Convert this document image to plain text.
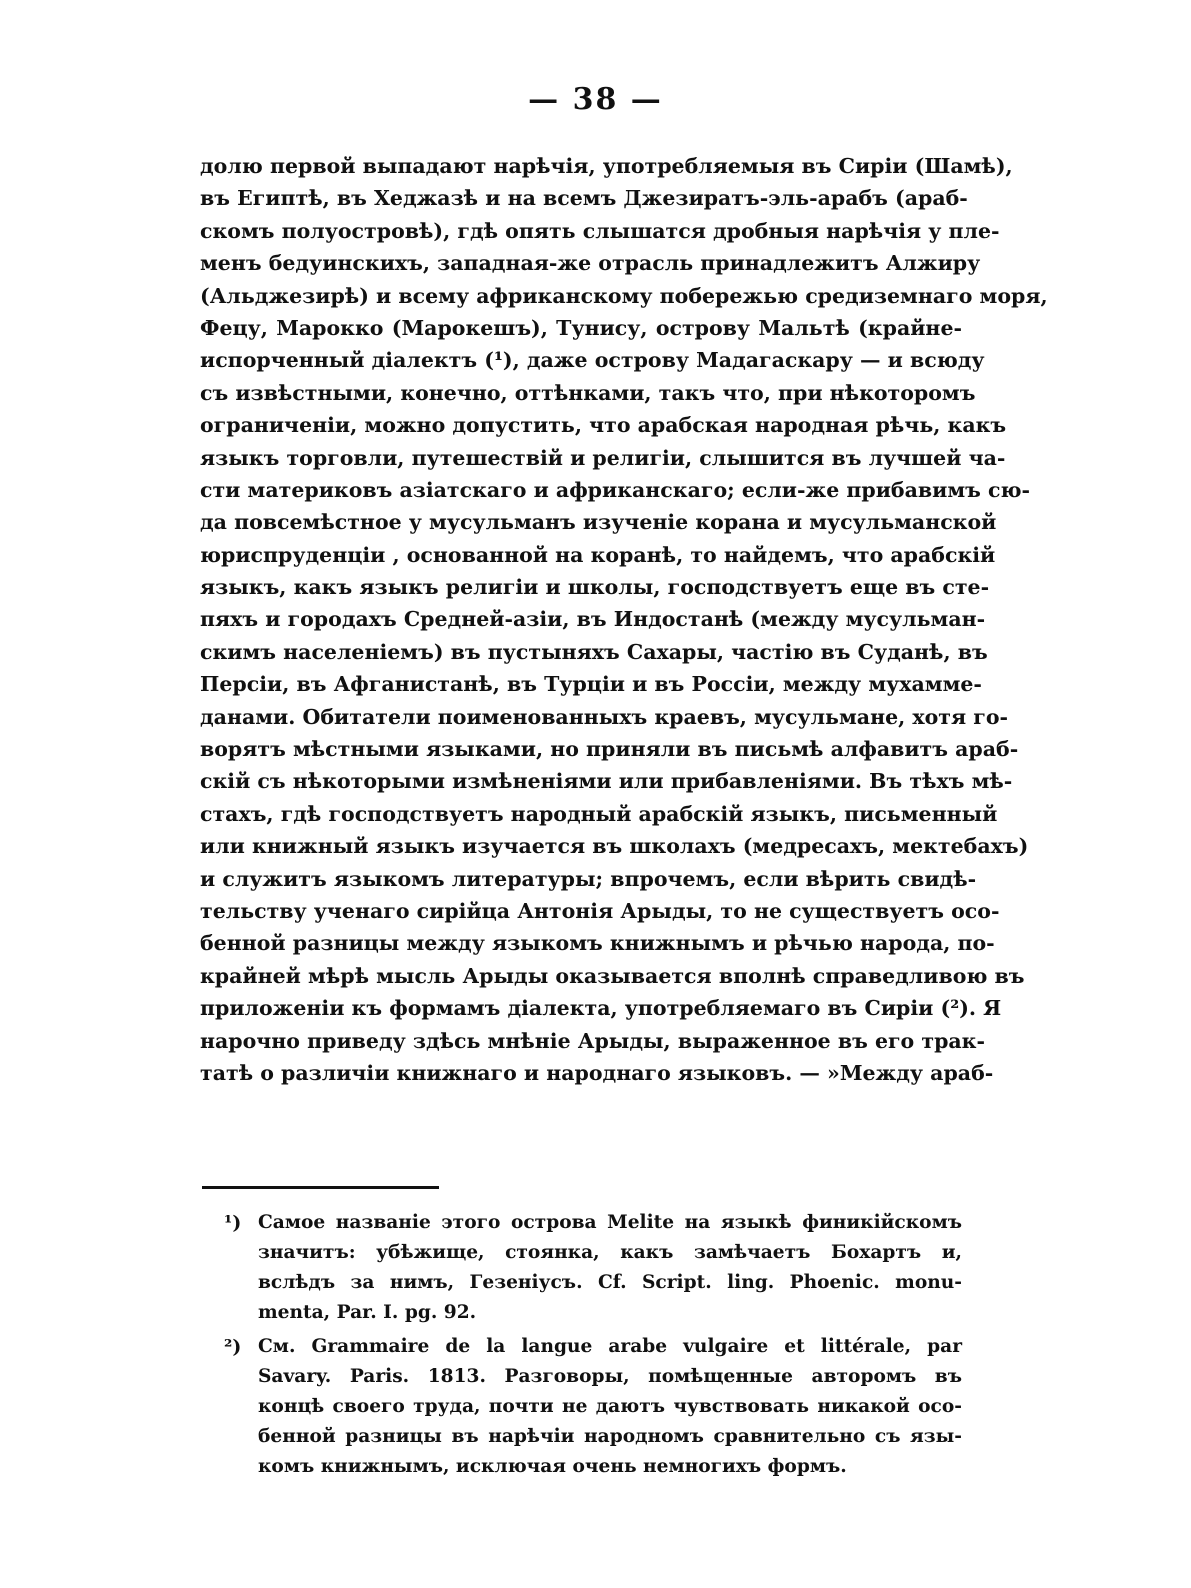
— 38 —
долю первой выпадают нарѣчія, употребляемыя въ Сиріи (Шамѣ),
въ Египтѣ, въ Хеджазѣ и на всемъ Джезиратъ-эль-арабъ (араб-
скомъ полуостровѣ), гдѣ опять слышатся дробныя нарѣчія у пле-
менъ бедуинскихъ, западная-же отрасль принадлежитъ Алжиру
(Альджезирѣ) и всему африканскому побережью средиземнаго моря,
Фецу, Марокко (Марокешъ), Тунису, острову Мальтѣ (крайне-
испорченный діалектъ (¹), даже острову Мадагаскару — и всюду
съ извѣстными, конечно, оттѣнками, такъ что, при нѣкоторомъ
ограниченіи, можно допустить, что арабская народная рѣчь, какъ
языкъ торговли, путешествій и религіи, слышится въ лучшей ча-
сти материковъ азіатскаго и африканскаго; если-же прибавимъ сю-
да повсемѣстное у мусульманъ изученіе корана и мусульманской
юриспруденціи , основанной на коранѣ, то найдемъ, что арабскій
языкъ, какъ языкъ религіи и школы, господствуетъ еще въ сте-
пяхъ и городахъ Средней-азіи, въ Индостанѣ (между мусульман-
скимъ населеніемъ) въ пустыняхъ Сахары, частію въ Суданѣ, въ
Персіи, въ Афганистанѣ, въ Турціи и въ Россіи, между мухамме-
данами. Обитатели поименованныхъ краевъ, мусульмане, хотя го-
ворятъ мѣстными языками, но приняли въ письмѣ алфавитъ араб-
скій съ нѣкоторыми измѣненіями или прибавленіями. Въ тѣхъ мѣ-
стахъ, гдѣ господствуетъ народный арабскій языкъ, письменный
или книжный языкъ изучается въ школахъ (медресахъ, мектебахъ)
и служитъ языкомъ литературы; впрочемъ, если вѣрить свидѣ-
тельству ученаго сирійца Антонія Арыды, то не существуетъ осо-
бенной разницы между языкомъ книжнымъ и рѣчью народа, по-
крайней мѣрѣ мысль Арыды оказывается вполнѣ справедливою въ
приложеніи къ формамъ діалекта, употребляемаго въ Сиріи (²). Я
нарочно приведу здѣсь мнѣніе Арыды, выраженное въ его трак-
татѣ о различіи книжнаго и народнаго языковъ. — »Между араб-
¹) Самое названіе этого острова Melite на языкѣ финикійскомъ
значитъ: убѣжище, стоянка, какъ замѣчаетъ Бохартъ и,
вслѣдъ за нимъ, Гезеніусъ. Cf. Script. ling. Phoenic. monu-
menta, Par. I. pg. 92.
²) См. Grammaire de la langue arabe vulgaire et littérale, par
Savary. Paris. 1813. Разговоры, помѣщенные авторомъ въ
концѣ своего труда, почти не даютъ чувствовать никакой осо-
бенной разницы въ нарѣчіи народномъ сравнительно съ язы-
комъ книжнымъ, исключая очень немногихъ формъ.
